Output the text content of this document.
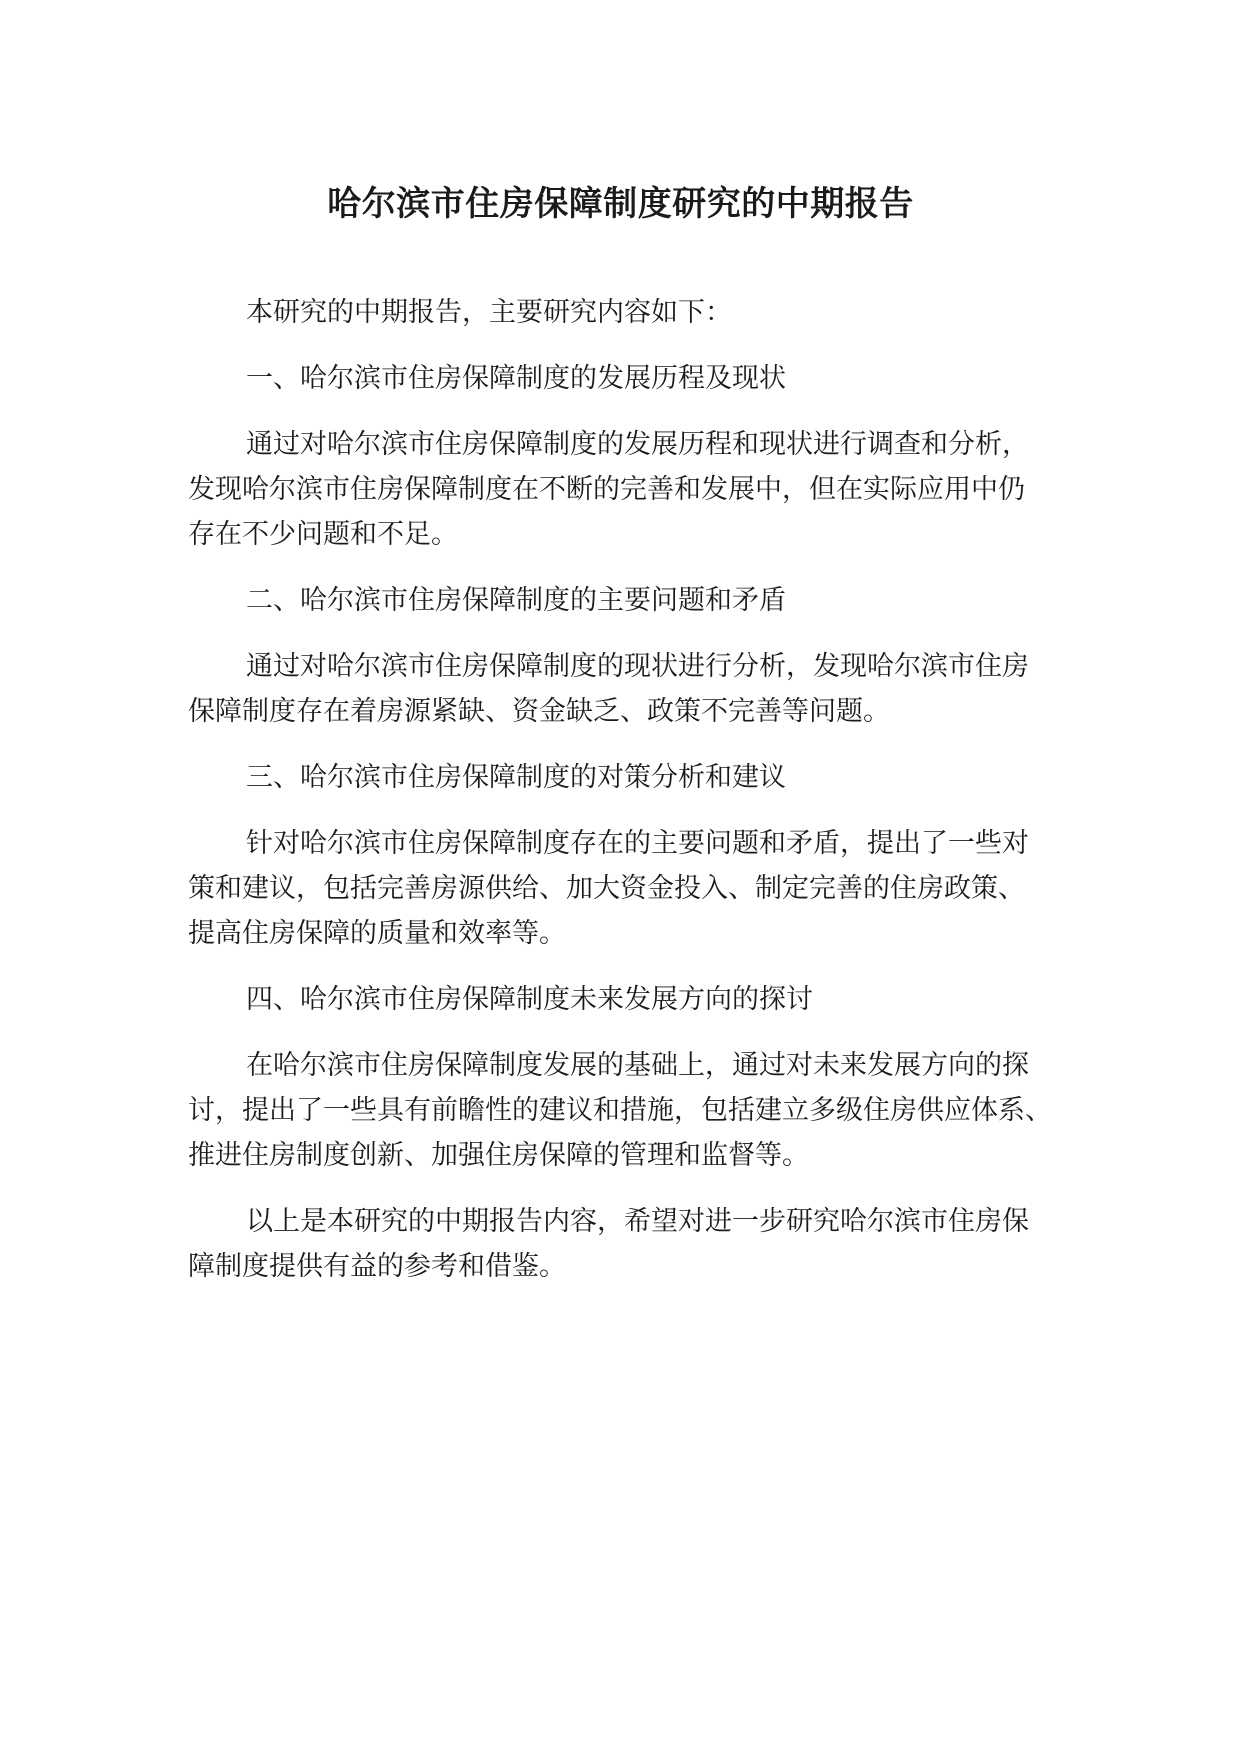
哈尔滨市住房保障制度研究的中期报告

本研究的中期报告，主要研究内容如下：

一、哈尔滨市住房保障制度的发展历程及现状

通过对哈尔滨市住房保障制度的发展历程和现状进行调查和分析，
发现哈尔滨市住房保障制度在不断的完善和发展中，但在实际应用中仍
存在不少问题和不足。

二、哈尔滨市住房保障制度的主要问题和矛盾

通过对哈尔滨市住房保障制度的现状进行分析，发现哈尔滨市住房
保障制度存在着房源紧缺、资金缺乏、政策不完善等问题。

三、哈尔滨市住房保障制度的对策分析和建议

针对哈尔滨市住房保障制度存在的主要问题和矛盾，提出了一些对
策和建议，包括完善房源供给、加大资金投入、制定完善的住房政策、
提高住房保障的质量和效率等。

四、哈尔滨市住房保障制度未来发展方向的探讨

在哈尔滨市住房保障制度发展的基础上，通过对未来发展方向的探
讨，提出了一些具有前瞻性的建议和措施，包括建立多级住房供应体系、
推进住房制度创新、加强住房保障的管理和监督等。

以上是本研究的中期报告内容，希望对进一步研究哈尔滨市住房保
障制度提供有益的参考和借鉴。
